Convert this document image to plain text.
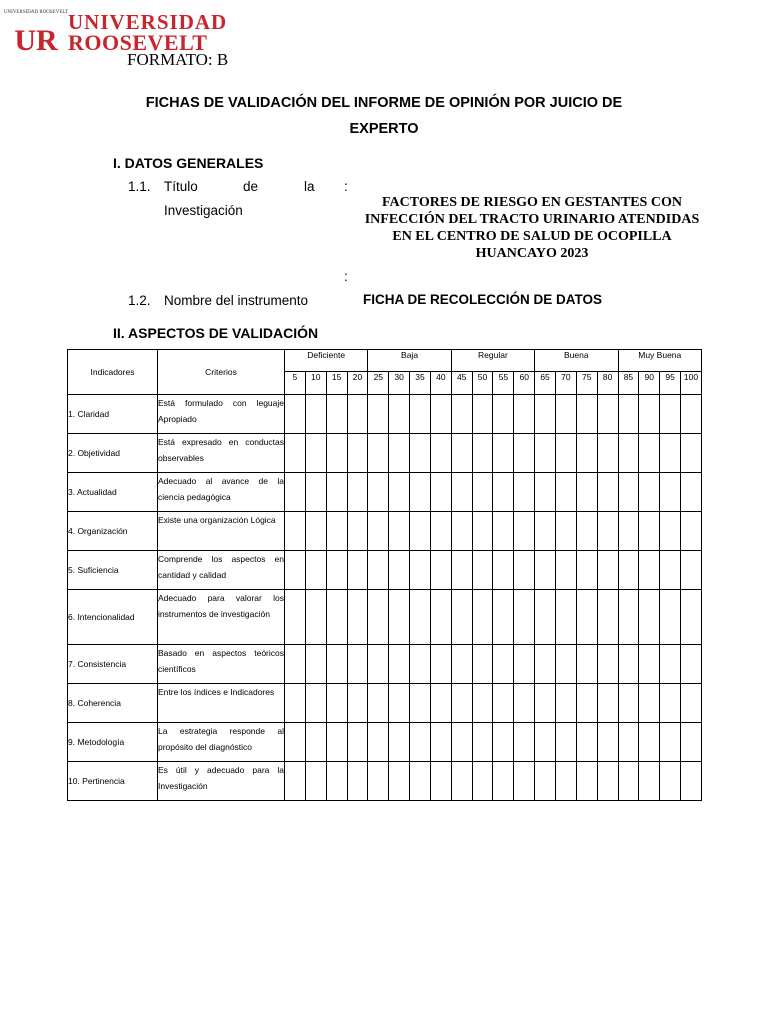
UNIVERSIDAD ROOSEVELT
UR
UNIVERSIDAD
ROOSEVELT
FORMATO: B
FICHAS DE VALIDACIÓN DEL INFORME DE OPINIÓN POR JUICIO DE
EXPERTO
I. DATOS GENERALES
1.1. Título	de	la :
Investigación
FACTORES DE RIESGO EN GESTANTES CON INFECCIÓN DEL TRACTO URINARIO ATENDIDAS EN EL CENTRO DE SALUD DE OCOPILLA HUANCAYO 2023
:
1.2. Nombre del instrumento	FICHA DE RECOLECCIÓN DE DATOS
II. ASPECTOS DE VALIDACIÓN
Indicadores	Criterios	Deficiente				Baja				Regular				Buena				Muy Buena			
		5	10	15	20	25	30	35	40	45	50	55	60	65	70	75	80	85	90	95	100
1. Claridad	Está formulado con leguaje Apropiado																				
2. Objetividad	Está expresado en conductas observables																				
3. Actualidad	Adecuado al avance de la ciencia pedagógica																				
4. Organización	Existe una organización Lógica																				
5. Suficiencia	Comprende los aspectos en cantidad y calidad																				
6. Intencionalidad	Adecuado para valorar los instrumentos de investigación																				
7. Consistencia	Basado en aspectos teóricos científicos																				
8. Coherencia	Entre los índices e Indicadores																				
9. Metodología	La estrategia responde al propósito del diagnóstico																				
10. Pertinencia	Es útil y adecuado para la Investigación																				
